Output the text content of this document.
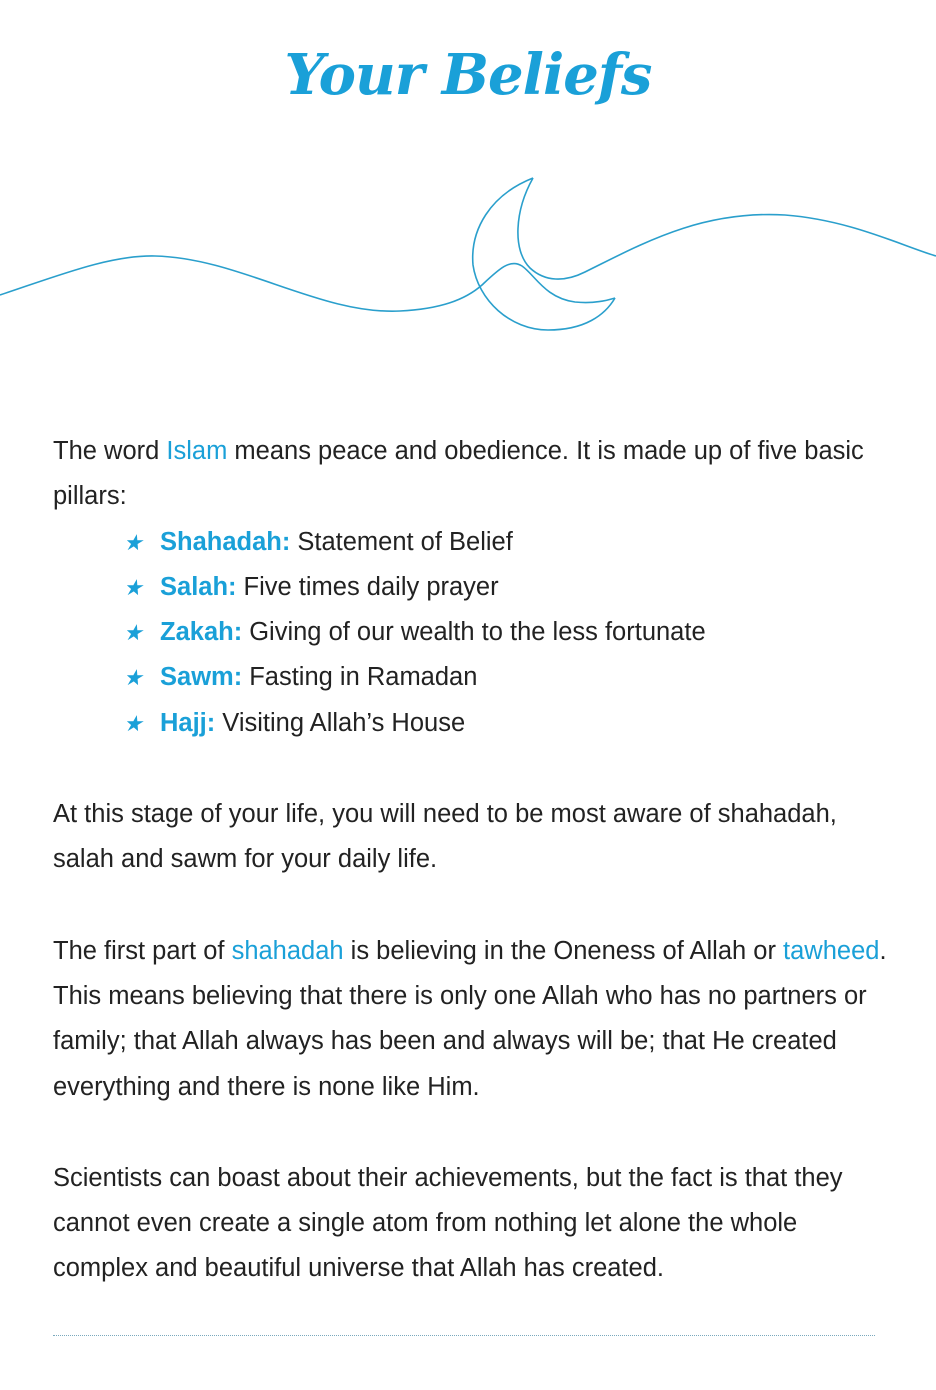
Your Beliefs

The word Islam means peace and obedience. It is made up of five basic pillars:

★ Shahadah: Statement of Belief
★ Salah: Five times daily prayer
★ Zakah: Giving of our wealth to the less fortunate
★ Sawm: Fasting in Ramadan
★ Hajj: Visiting Allah’s House

At this stage of your life, you will need to be most aware of shahadah, salah and sawm for your daily life.

The first part of shahadah is believing in the Oneness of Allah or tawheed. This means believing that there is only one Allah who has no partners or family; that Allah always has been and always will be; that He created everything and there is none like Him.

Scientists can boast about their achievements, but the fact is that they cannot even create a single atom from nothing let alone the whole complex and beautiful universe that Allah has created.
